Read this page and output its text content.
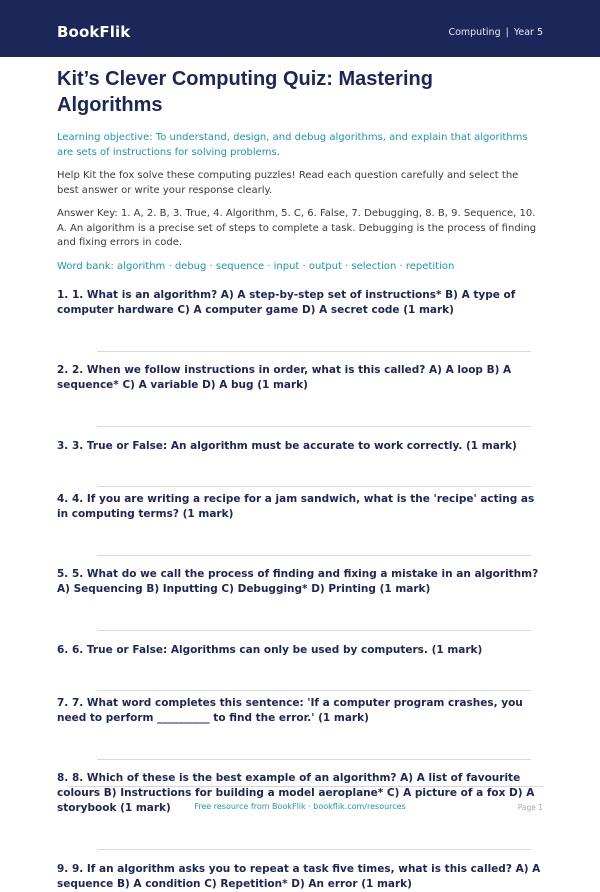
BookFlik	Computing | Year 5
Kit’s Clever Computing Quiz: Mastering Algorithms

Learning objective: To understand, design, and debug algorithms, and explain that algorithms are sets of instructions for solving problems.

Help Kit the fox solve these computing puzzles! Read each question carefully and select the best answer or write your response clearly.

Answer Key: 1. A, 2. B, 3. True, 4. Algorithm, 5. C, 6. False, 7. Debugging, 8. B, 9. Sequence, 10. A. An algorithm is a precise set of steps to complete a task. Debugging is the process of finding and fixing errors in code.

Word bank: algorithm · debug · sequence · input · output · selection · repetition

1. 1. What is an algorithm? A) A step-by-step set of instructions* B) A type of computer hardware C) A computer game D) A secret code (1 mark)
2. 2. When we follow instructions in order, what is this called? A) A loop B) A sequence* C) A variable D) A bug (1 mark)
3. 3. True or False: An algorithm must be accurate to work correctly. (1 mark)
4. 4. If you are writing a recipe for a jam sandwich, what is the 'recipe' acting as in computing terms? (1 mark)
5. 5. What do we call the process of finding and fixing a mistake in an algorithm? A) Sequencing B) Inputting C) Debugging* D) Printing (1 mark)
6. 6. True or False: Algorithms can only be used by computers. (1 mark)
7. 7. What word completes this sentence: 'If a computer program crashes, you need to perform __________ to find the error.' (1 mark)
8. 8. Which of these is the best example of an algorithm? A) A list of favourite colours B) Instructions for building a model aeroplane* C) A picture of a fox D) A storybook (1 mark)
9. 9. If an algorithm asks you to repeat a task five times, what is this called? A) A sequence B) A condition C) Repetition* D) An error (1 mark)
Free resource from BookFlik · bookflik.com/resources	Page 1
